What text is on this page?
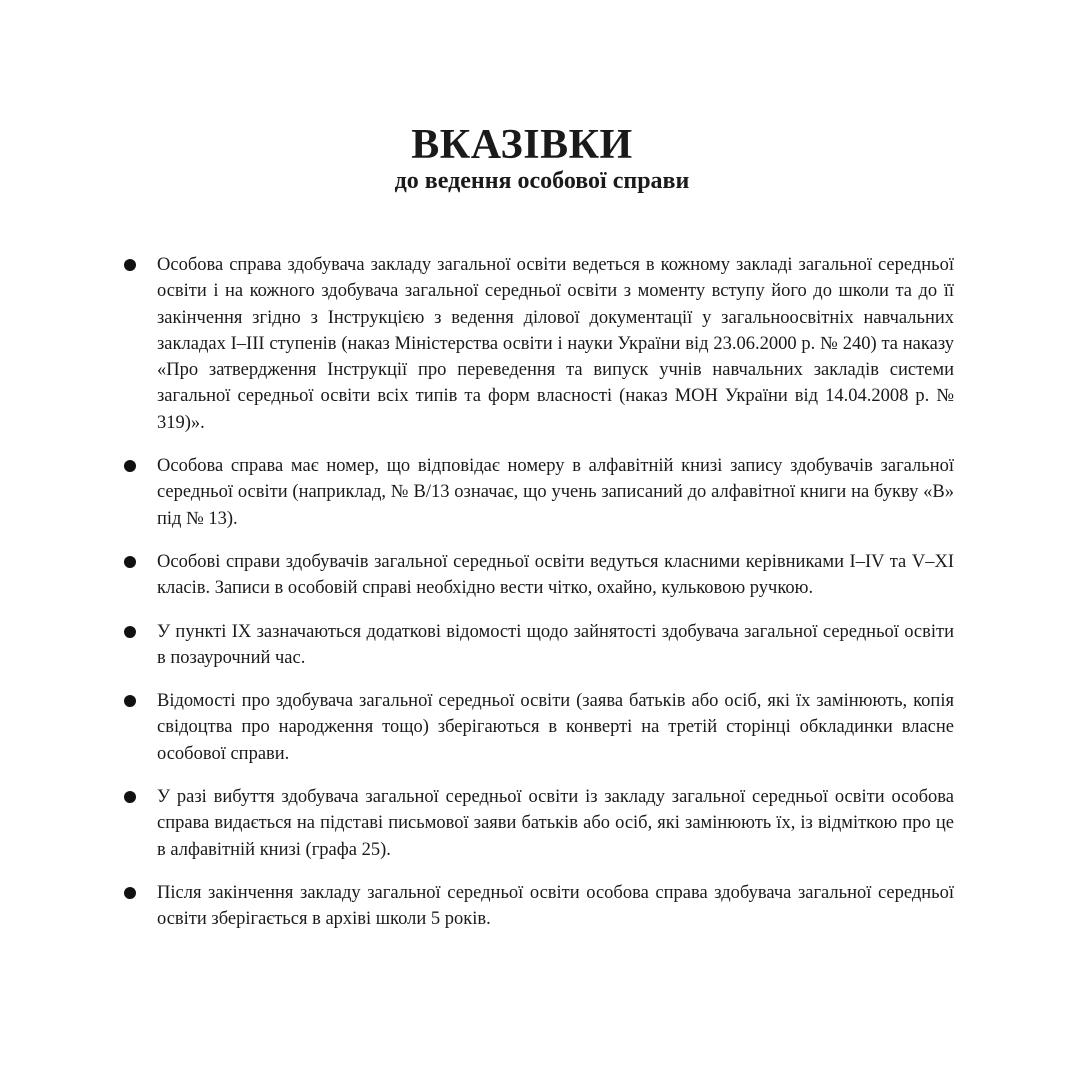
ВКАЗІВКИ
до ведення особової справи
Особова справа здобувача закладу загальної освіти ведеться в кожному закладі загальної середньої освіти і на кожного здобувача загальної середньої освіти з моменту вступу його до школи та до її закінчення згідно з Інструкцією з ведення ділової документації у загальноосвітніх навчальних закладах I–III ступенів (наказ Міністерства освіти і науки України від 23.06.2000 р. № 240) та наказу «Про затвердження Інструкції про переведення та випуск учнів навчальних закладів системи загальної середньої освіти всіх типів та форм власності (наказ МОН України від 14.04.2008 р. № 319)».
Особова справа має номер, що відповідає номеру в алфавітній книзі запису здобувачів загальної середньої освіти (наприклад, № В/13 означає, що учень записаний до алфавітної книги на букву «В» під № 13).
Особові справи здобувачів загальної середньої освіти ведуться класними керівниками I–IV та V–XI класів. Записи в особовій справі необхідно вести чітко, охайно, кульковою ручкою.
У пункті IX зазначаються додаткові відомості щодо зайнятості здобувача загальної середньої освіти в позаурочний час.
Відомості про здобувача загальної середньої освіти (заява батьків або осіб, які їх замінюють, копія свідоцтва про народження тощо) зберігаються в конверті на третій сторінці обкладинки власне особової справи.
У разі вибуття здобувача загальної середньої освіти із закладу загальної середньої освіти особова справа видається на підставі письмової заяви батьків або осіб, які замінюють їх, із відміткою про це в алфавітній книзі (графа 25).
Після закінчення закладу загальної середньої освіти особова справа здобувача загальної середньої освіти зберігається в архіві школи 5 років.
